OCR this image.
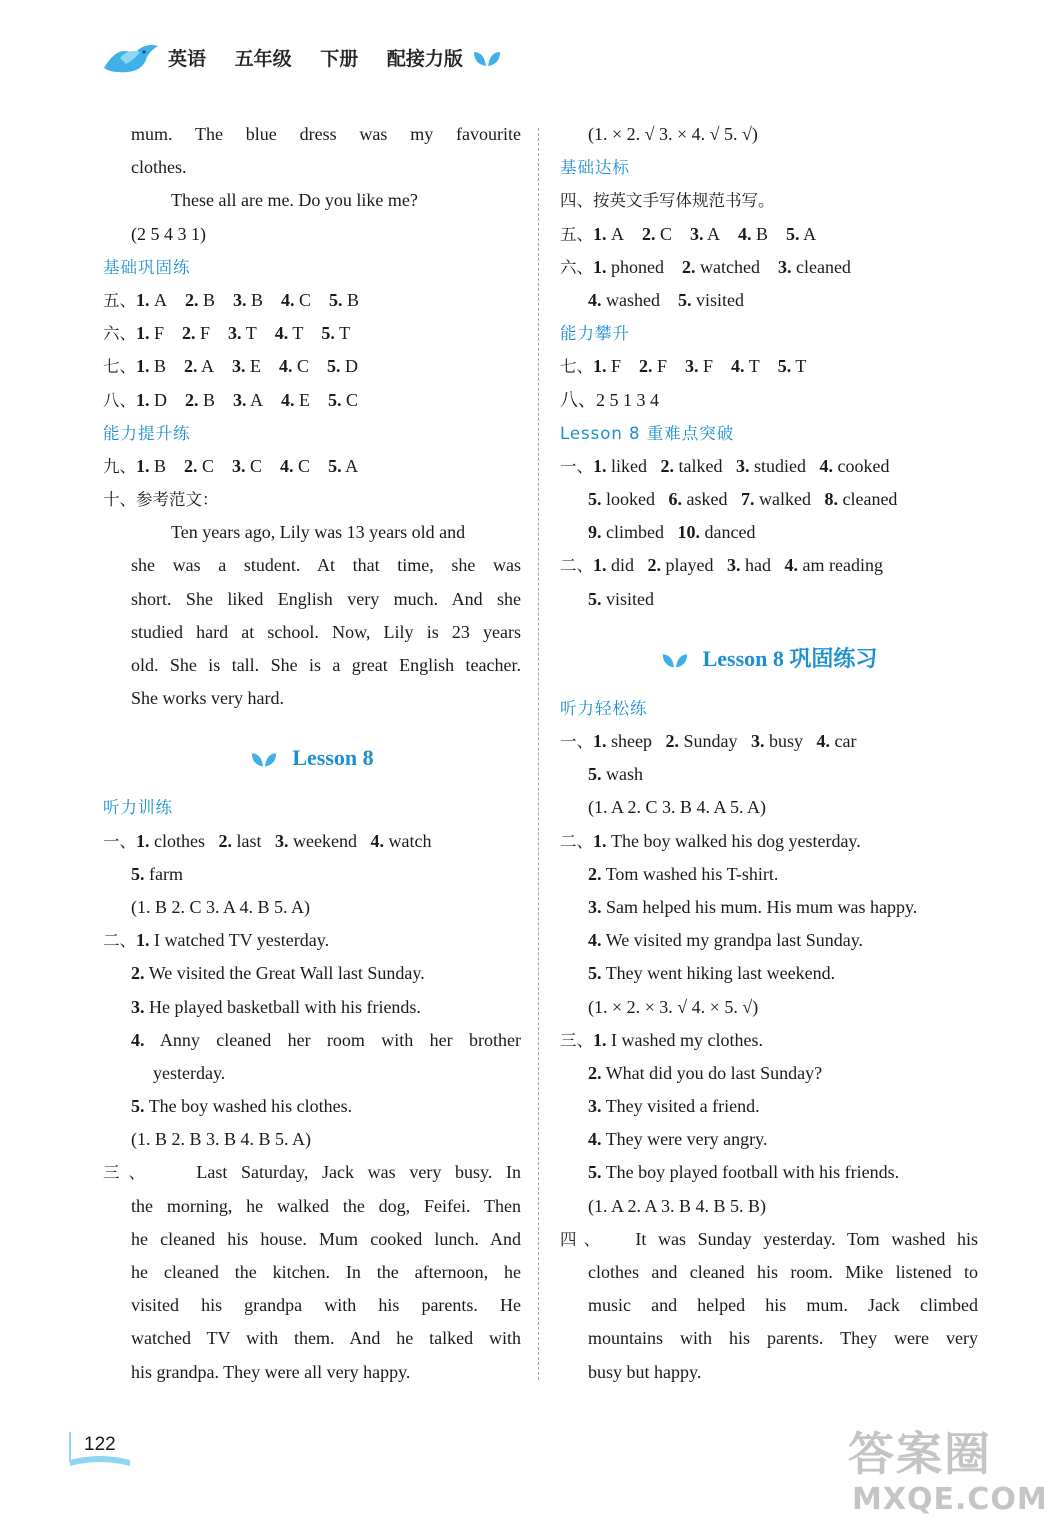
英语 五年级 下册 配接力版
mum. The blue dress was my favourite
clothes.
These all are me. Do you like me?
(2 5 4 3 1)
基础巩固练
五、1. A 2. B 3. B 4. C 5. B
六、1. F 2. F 3. T 4. T 5. T
七、1. B 2. A 3. E 4. C 5. D
八、1. D 2. B 3. A 4. E 5. C
能力提升练
九、1. B 2. C 3. C 4. C 5. A
十、参考范文：
Ten years ago, Lily was 13 years old and
she was a student. At that time, she was
short. She liked English very much. And she
studied hard at school. Now, Lily is 23 years
old. She is tall. She is a great English teacher.
She works very hard.
Lesson 8
听力训练
一、1. clothes 2. last 3. weekend 4. watch
5. farm
(1. B 2. C 3. A 4. B 5. A)
二、1. I watched TV yesterday.
2. We visited the Great Wall last Sunday.
3. He played basketball with his friends.
4. Anny cleaned her room with her brother
yesterday.
5. The boy washed his clothes.
(1. B 2. B 3. B 4. B 5. A)
三、 Last Saturday, Jack was very busy. In
the morning, he walked the dog, Feifei. Then
he cleaned his house. Mum cooked lunch. And
he cleaned the kitchen. In the afternoon, he
visited his grandpa with his parents. He
watched TV with them. And he talked with
his grandpa. They were all very happy.
(1. × 2. √ 3. × 4. √ 5. √)
基础达标
四、按英文手写体规范书写。
五、1. A 2. C 3. A 4. B 5. A
六、1. phoned 2. watched 3. cleaned
4. washed 5. visited
能力攀升
七、1. F 2. F 3. F 4. T 5. T
八、2 5 1 3 4
Lesson 8 重难点突破
一、1. liked 2. talked 3. studied 4. cooked
5. looked 6. asked 7. walked 8. cleaned
9. climbed 10. danced
二、1. did 2. played 3. had 4. am reading
5. visited
Lesson 8 巩固练习
听力轻松练
一、1. sheep 2. Sunday 3. busy 4. car
5. wash
(1. A 2. C 3. B 4. A 5. A)
二、1. The boy walked his dog yesterday.
2. Tom washed his T-shirt.
3. Sam helped his mum. His mum was happy.
4. We visited my grandpa last Sunday.
5. They went hiking last weekend.
(1. × 2. × 3. √ 4. × 5. √)
三、1. I washed my clothes.
2. What did you do last Sunday?
3. They visited a friend.
4. They were very angry.
5. The boy played football with his friends.
(1. A 2. A 3. B 4. B 5. B)
四、 It was Sunday yesterday. Tom washed his
clothes and cleaned his room. Mike listened to
music and helped his mum. Jack climbed
mountains with his parents. They were very
busy but happy.
122	答案圈
MXQE.COM
